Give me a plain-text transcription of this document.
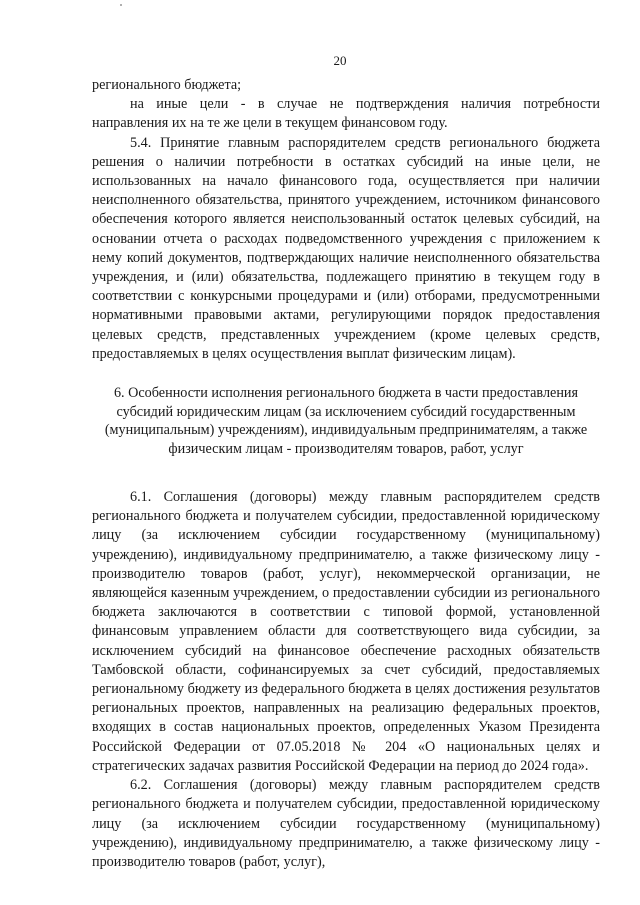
20

регионального бюджета;

на иные цели - в случае не подтверждения наличия потребности направления их на те же цели в текущем финансовом году.

5.4. Принятие главным распорядителем средств регионального бюджета решения о наличии потребности в остатках субсидий на иные цели, не использованных на начало финансового года, осуществляется при наличии неисполненного обязательства, принятого учреждением, источником финансового обеспечения которого является неиспользованный остаток целевых субсидий, на основании отчета о расходах подведомственного учреждения с приложением к нему копий документов, подтверждающих наличие неисполненного обязательства учреждения, и (или) обязательства, подлежащего принятию в текущем году в соответствии с конкурсными процедурами и (или) отборами, предусмотренными нормативными правовыми актами, регулирующими порядок предоставления целевых средств, представленных учреждением (кроме целевых средств, предоставляемых в целях осуществления выплат физическим лицам).

6. Особенности исполнения регионального бюджета в части предоставления субсидий юридическим лицам (за исключением субсидий государственным (муниципальным) учреждениям), индивидуальным предпринимателям, а также физическим лицам - производителям товаров, работ, услуг

6.1. Соглашения (договоры) между главным распорядителем средств регионального бюджета и получателем субсидии, предоставленной юридическому лицу (за исключением субсидии государственному (муниципальному) учреждению), индивидуальному предпринимателю, а также физическому лицу - производителю товаров (работ, услуг), некоммерческой организации, не являющейся казенным учреждением, о предоставлении субсидии из регионального бюджета заключаются в соответствии с типовой формой, установленной финансовым управлением области для соответствующего вида субсидии, за исключением субсидий на финансовое обеспечение расходных обязательств Тамбовской области, софинансируемых за счет субсидий, предоставляемых региональному бюджету из федерального бюджета в целях достижения результатов региональных проектов, направленных на реализацию федеральных проектов, входящих в состав национальных проектов, определенных Указом Президента Российской Федерации от 07.05.2018 № 204 «О национальных целях и стратегических задачах развития Российской Федерации на период до 2024 года».

6.2. Соглашения (договоры) между главным распорядителем средств регионального бюджета и получателем субсидии, предоставленной юридическому лицу (за исключением субсидии государственному (муниципальному) учреждению), индивидуальному предпринимателю, а также физическому лицу - производителю товаров (работ, услуг),
